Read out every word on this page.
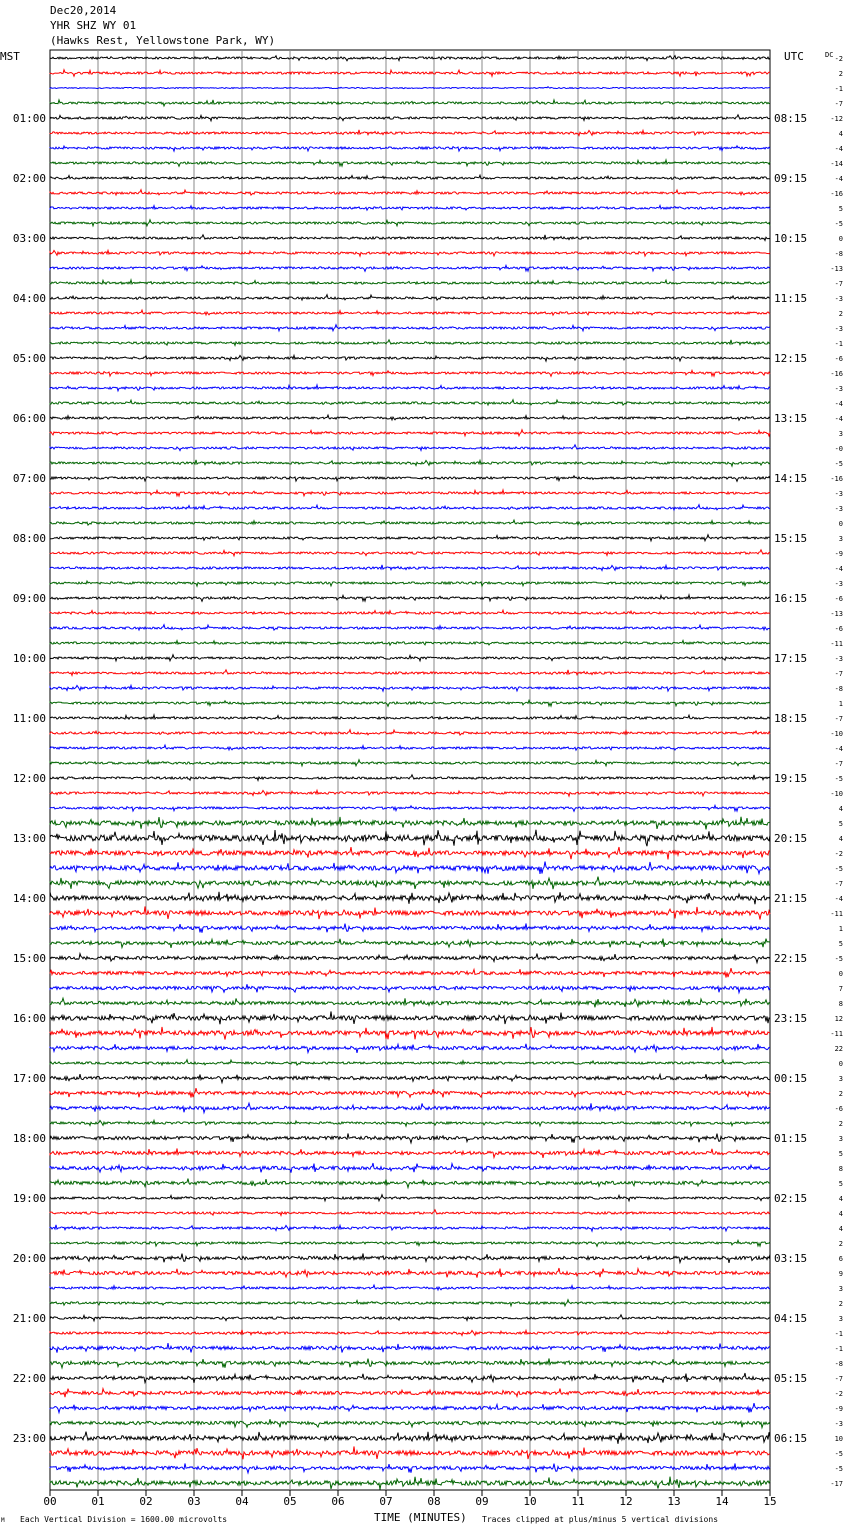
Dec20,2014
YHR SHZ WY 01
(Hawks Rest, Yellowstone Park, WY)
-2
2
-1
-7
-12
4
-4
-14
-4
-16
5
-5
0
-8
-13
-7
-3
2
-3
-1
-6
-16
-3
-4
-4
3
-0
-5
-16
-3
-3
0
3
-9
-4
-3
-6
-13
-6
-11
-3
-7
-8
1
-7
-10
-4
-7
-5
-10
4
5
4
-2
-5
-7
-4
-11
1
5
-5
0
7
8
12
-11
22
0
3
2
-6
2
3
5
8
5
4
4
4
2
6
9
3
2
3
-1
-1
-8
-7
-2
-9
-3
10
-5
-5
-17
MST	UTC	DC
01:00	08:15
02:00	09:15
03:00	10:15
04:00	11:15
05:00	12:15
06:00	13:15
07:00	14:15
08:00	15:15
09:00	16:15
10:00	17:15
11:00	18:15
12:00	19:15
13:00	20:15
14:00	21:15
15:00	22:15
16:00	23:15
17:00	00:15
18:00	01:15
19:00	02:15
20:00	03:15
21:00	04:15
22:00	05:15
23:00	06:15
00	01	02	03	04	05	06	07	08	09	10	11	12	13	14	15
M Each Vertical Division = 1600.00 microvolts	TIME (MINUTES) Traces clipped at plus/minus 5 vertical divisions
